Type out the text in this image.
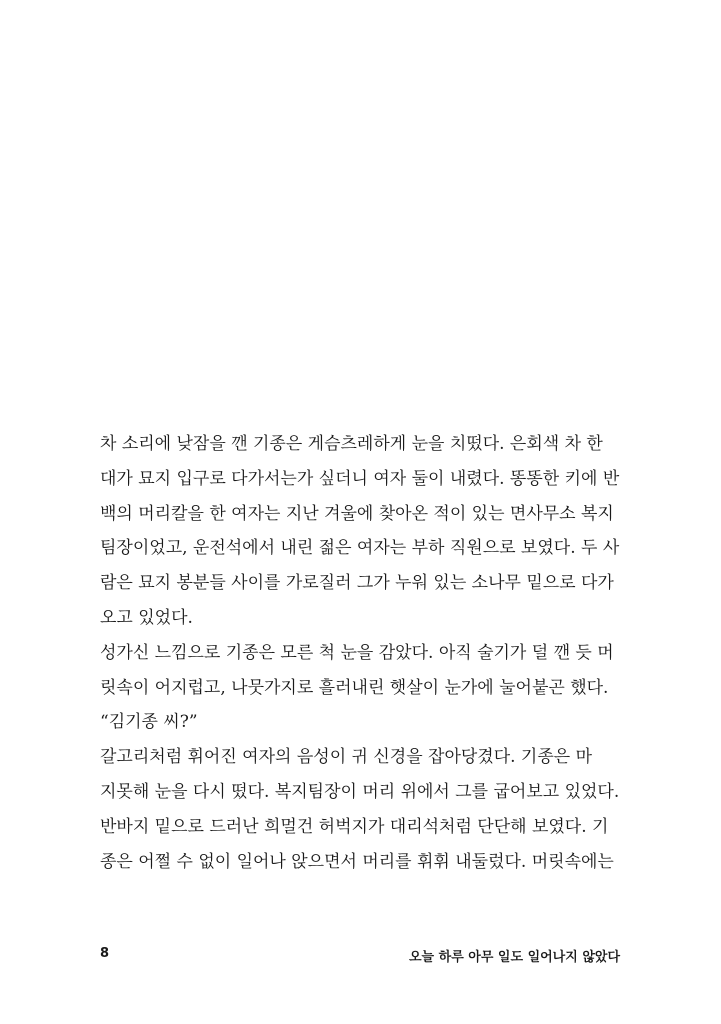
차 소리에 낮잠을 깬 기종은 게슴츠레하게 눈을 치떴다. 은회색 차 한
대가 묘지 입구로 다가서는가 싶더니 여자 둘이 내렸다. 똥똥한 키에 반
백의 머리칼을 한 여자는 지난 겨울에 찾아온 적이 있는 면사무소 복지
팀장이었고, 운전석에서 내린 젊은 여자는 부하 직원으로 보였다. 두 사
람은 묘지 봉분들 사이를 가로질러 그가 누워 있는 소나무 밑으로 다가
오고 있었다.
성가신 느낌으로 기종은 모른 척 눈을 감았다. 아직 술기가 덜 깬 듯 머
릿속이 어지럽고, 나뭇가지로 흘러내린 햇살이 눈가에 눌어붙곤 했다.
“김기종 씨?”
갈고리처럼 휘어진 여자의 음성이 귀 신경을 잡아당겼다. 기종은 마
지못해 눈을 다시 떴다. 복지팀장이 머리 위에서 그를 굽어보고 있었다.
반바지 밑으로 드러난 희멀건 허벅지가 대리석처럼 단단해 보였다. 기
종은 어쩔 수 없이 일어나 앉으면서 머리를 휘휘 내둘렀다. 머릿속에는
8	오늘 하루 아무 일도 일어나지 않았다
